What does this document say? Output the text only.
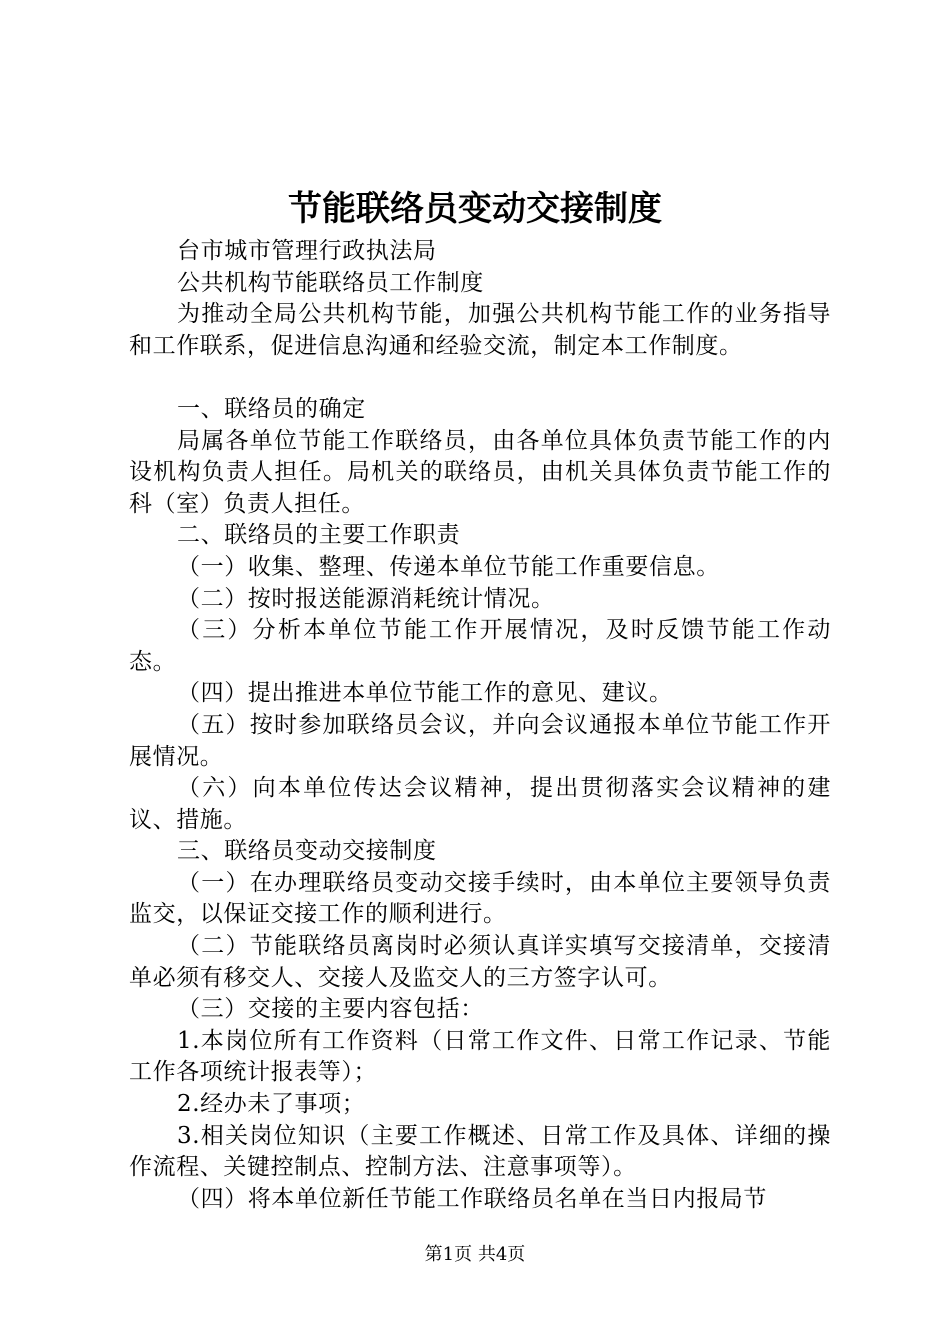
节能联络员变动交接制度

台市城市管理行政执法局

公共机构节能联络员工作制度

为推动全局公共机构节能，加强公共机构节能工作的业务指导和工作联系，促进信息沟通和经验交流，制定本工作制度。

一、联络员的确定

局属各单位节能工作联络员，由各单位具体负责节能工作的内设机构负责人担任。局机关的联络员，由机关具体负责节能工作的科（室）负责人担任。

二、联络员的主要工作职责

（一）收集、整理、传递本单位节能工作重要信息。

（二）按时报送能源消耗统计情况。

（三）分析本单位节能工作开展情况，及时反馈节能工作动态。

（四）提出推进本单位节能工作的意见、建议。

（五）按时参加联络员会议，并向会议通报本单位节能工作开展情况。

（六）向本单位传达会议精神，提出贯彻落实会议精神的建议、措施。

三、联络员变动交接制度

（一）在办理联络员变动交接手续时，由本单位主要领导负责监交，以保证交接工作的顺利进行。

（二）节能联络员离岗时必须认真详实填写交接清单，交接清单必须有移交人、交接人及监交人的三方签字认可。

（三）交接的主要内容包括：

1.本岗位所有工作资料（日常工作文件、日常工作记录、节能工作各项统计报表等）；

2.经办未了事项；

3.相关岗位知识（主要工作概述、日常工作及具体、详细的操作流程、关键控制点、控制方法、注意事项等）。

（四）将本单位新任节能工作联络员名单在当日内报局节

第1页 共4页
